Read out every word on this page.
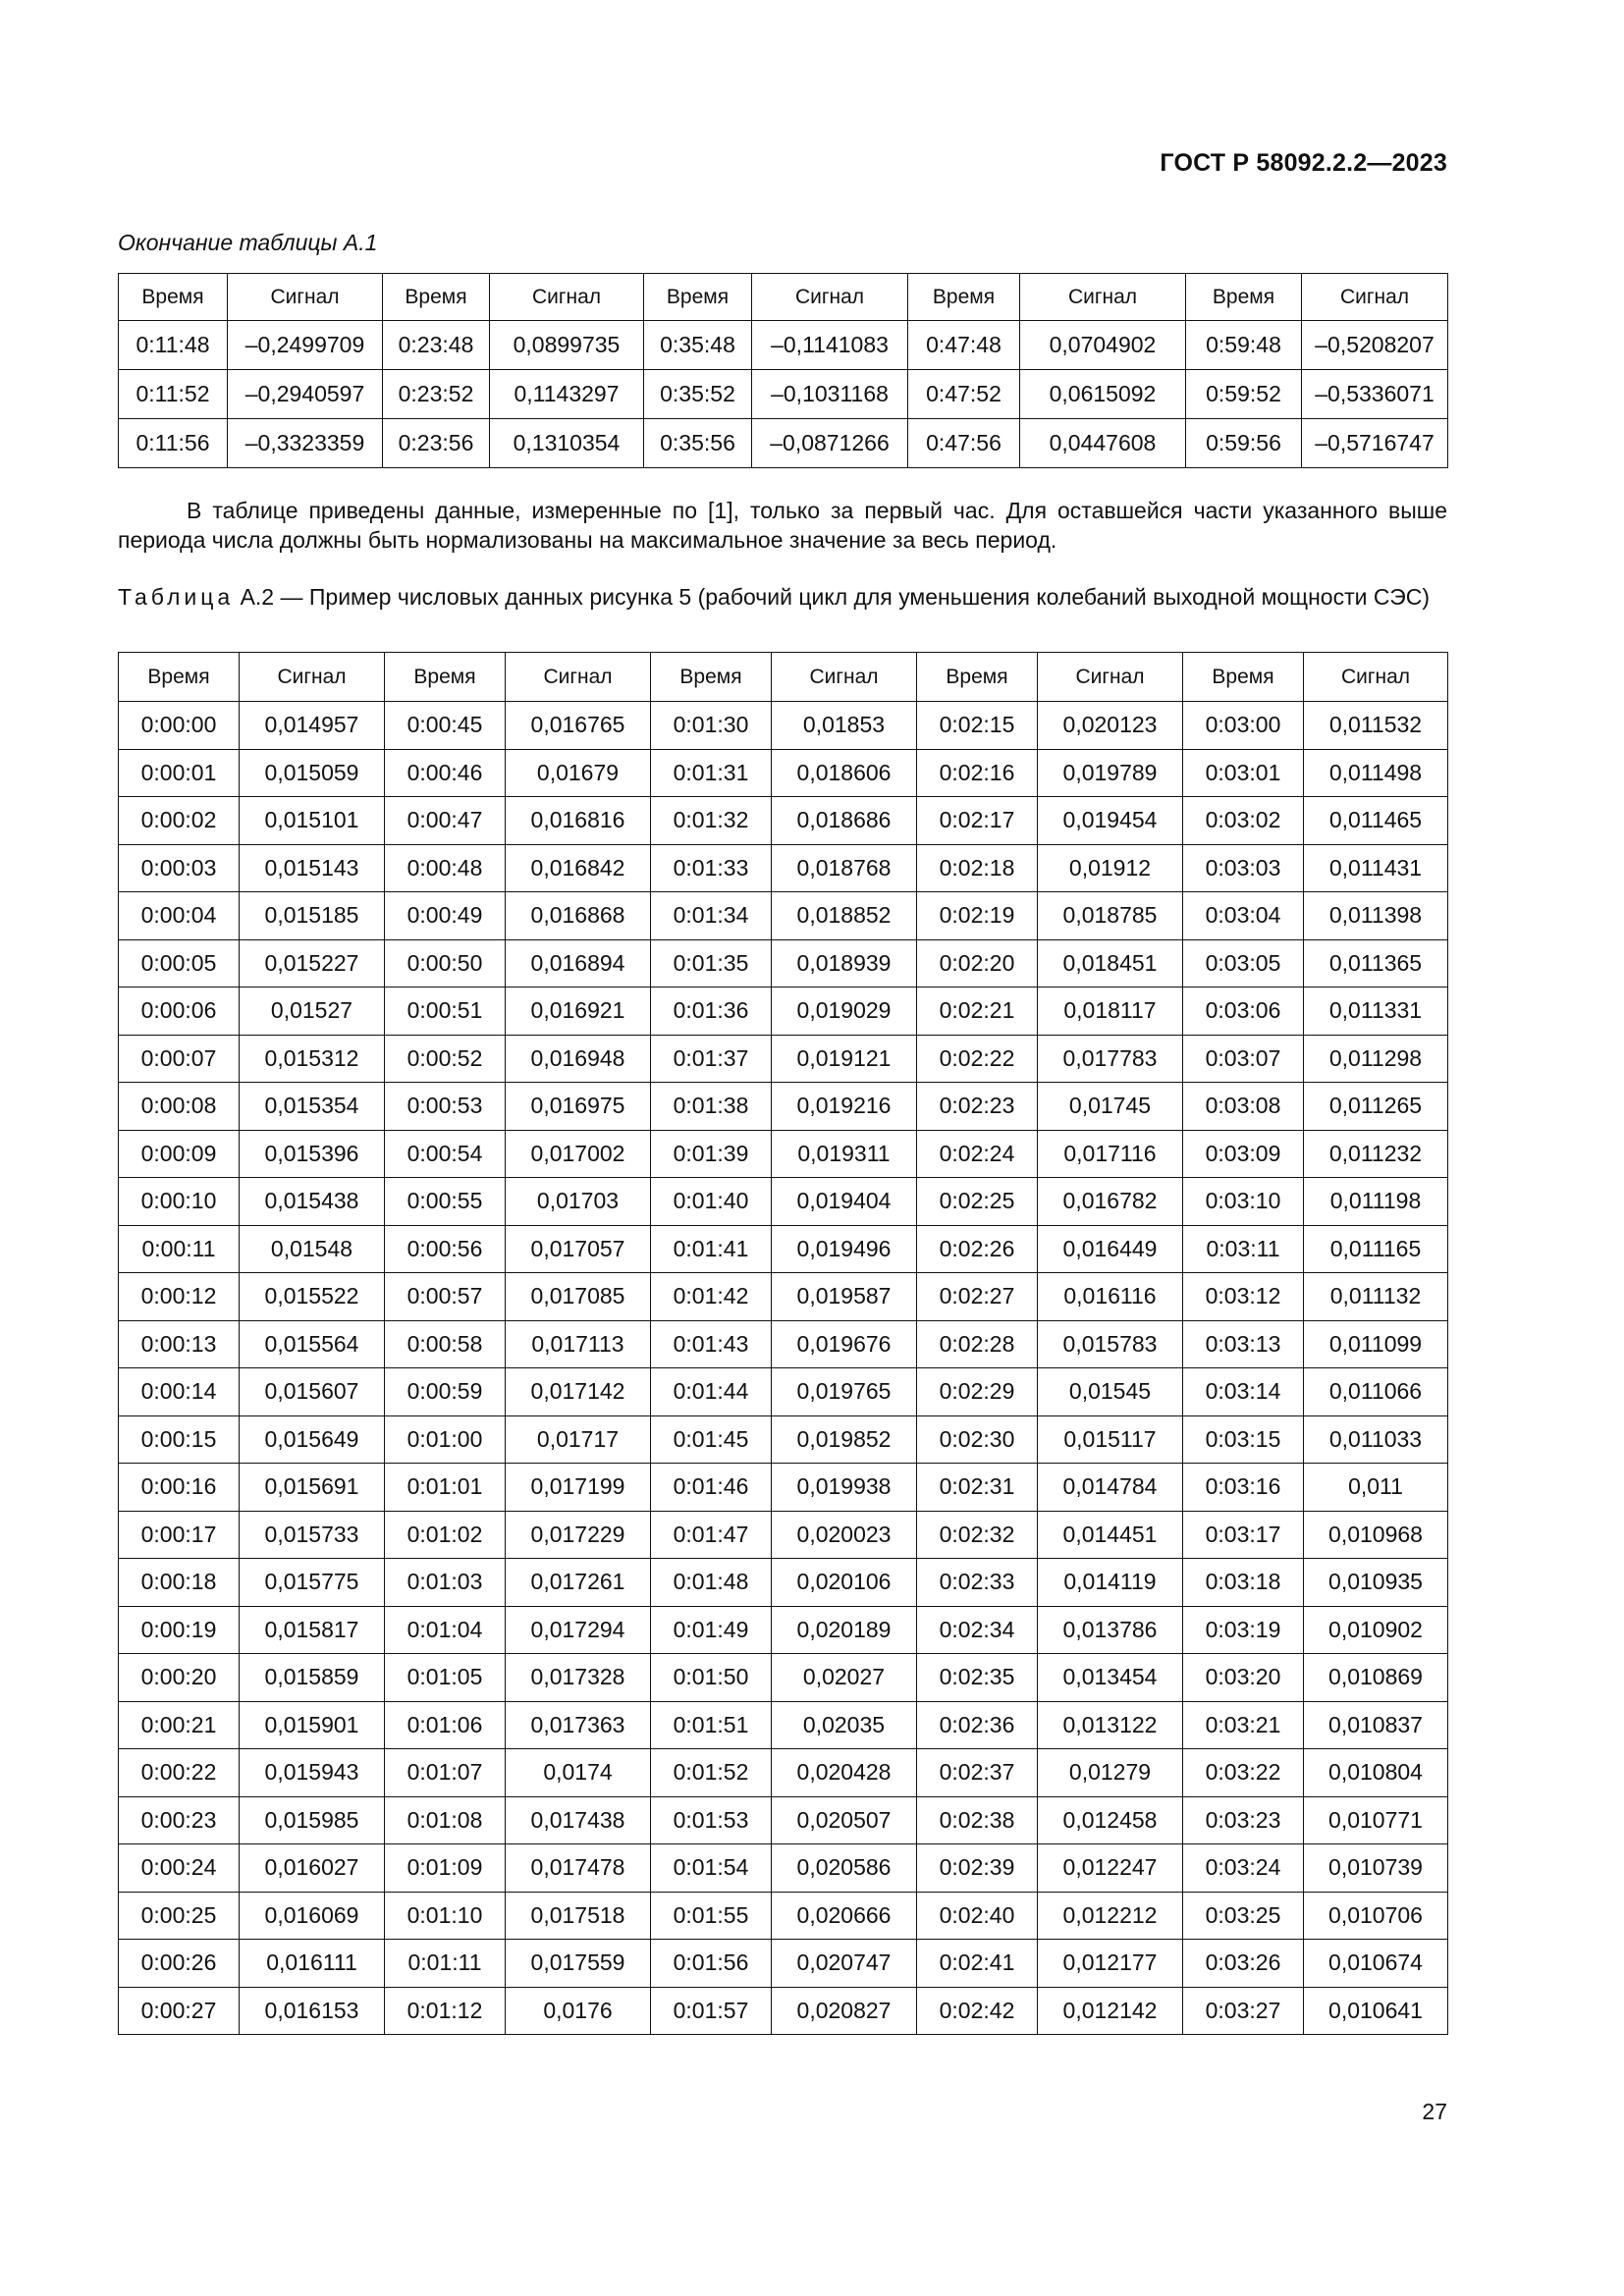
ГОСТ Р 58092.2.2—2023
Окончание таблицы А.1
Время	Сигнал	Время	Сигнал	Время	Сигнал	Время	Сигнал	Время	Сигнал
0:11:48	–0,2499709	0:23:48	0,0899735	0:35:48	–0,1141083	0:47:48	0,0704902	0:59:48	–0,5208207
0:11:52	–0,2940597	0:23:52	0,1143297	0:35:52	–0,1031168	0:47:52	0,0615092	0:59:52	–0,5336071
0:11:56	–0,3323359	0:23:56	0,1310354	0:35:56	–0,0871266	0:47:56	0,0447608	0:59:56	–0,5716747
В таблице приведены данные, измеренные по [1], только за первый час. Для оставшейся части указанного выше периода числа должны быть нормализованы на максимальное значение за весь период.
Таблица А.2 — Пример числовых данных рисунка 5 (рабочий цикл для уменьшения колебаний выходной мощности СЭС)
Время	Сигнал	Время	Сигнал	Время	Сигнал	Время	Сигнал	Время	Сигнал
0:00:00	0,014957	0:00:45	0,016765	0:01:30	0,01853	0:02:15	0,020123	0:03:00	0,011532
0:00:01	0,015059	0:00:46	0,01679	0:01:31	0,018606	0:02:16	0,019789	0:03:01	0,011498
0:00:02	0,015101	0:00:47	0,016816	0:01:32	0,018686	0:02:17	0,019454	0:03:02	0,011465
0:00:03	0,015143	0:00:48	0,016842	0:01:33	0,018768	0:02:18	0,01912	0:03:03	0,011431
0:00:04	0,015185	0:00:49	0,016868	0:01:34	0,018852	0:02:19	0,018785	0:03:04	0,011398
0:00:05	0,015227	0:00:50	0,016894	0:01:35	0,018939	0:02:20	0,018451	0:03:05	0,011365
0:00:06	0,01527	0:00:51	0,016921	0:01:36	0,019029	0:02:21	0,018117	0:03:06	0,011331
0:00:07	0,015312	0:00:52	0,016948	0:01:37	0,019121	0:02:22	0,017783	0:03:07	0,011298
0:00:08	0,015354	0:00:53	0,016975	0:01:38	0,019216	0:02:23	0,01745	0:03:08	0,011265
0:00:09	0,015396	0:00:54	0,017002	0:01:39	0,019311	0:02:24	0,017116	0:03:09	0,011232
0:00:10	0,015438	0:00:55	0,01703	0:01:40	0,019404	0:02:25	0,016782	0:03:10	0,011198
0:00:11	0,01548	0:00:56	0,017057	0:01:41	0,019496	0:02:26	0,016449	0:03:11	0,011165
0:00:12	0,015522	0:00:57	0,017085	0:01:42	0,019587	0:02:27	0,016116	0:03:12	0,011132
0:00:13	0,015564	0:00:58	0,017113	0:01:43	0,019676	0:02:28	0,015783	0:03:13	0,011099
0:00:14	0,015607	0:00:59	0,017142	0:01:44	0,019765	0:02:29	0,01545	0:03:14	0,011066
0:00:15	0,015649	0:01:00	0,01717	0:01:45	0,019852	0:02:30	0,015117	0:03:15	0,011033
0:00:16	0,015691	0:01:01	0,017199	0:01:46	0,019938	0:02:31	0,014784	0:03:16	0,011
0:00:17	0,015733	0:01:02	0,017229	0:01:47	0,020023	0:02:32	0,014451	0:03:17	0,010968
0:00:18	0,015775	0:01:03	0,017261	0:01:48	0,020106	0:02:33	0,014119	0:03:18	0,010935
0:00:19	0,015817	0:01:04	0,017294	0:01:49	0,020189	0:02:34	0,013786	0:03:19	0,010902
0:00:20	0,015859	0:01:05	0,017328	0:01:50	0,02027	0:02:35	0,013454	0:03:20	0,010869
0:00:21	0,015901	0:01:06	0,017363	0:01:51	0,02035	0:02:36	0,013122	0:03:21	0,010837
0:00:22	0,015943	0:01:07	0,0174	0:01:52	0,020428	0:02:37	0,01279	0:03:22	0,010804
0:00:23	0,015985	0:01:08	0,017438	0:01:53	0,020507	0:02:38	0,012458	0:03:23	0,010771
0:00:24	0,016027	0:01:09	0,017478	0:01:54	0,020586	0:02:39	0,012247	0:03:24	0,010739
0:00:25	0,016069	0:01:10	0,017518	0:01:55	0,020666	0:02:40	0,012212	0:03:25	0,010706
0:00:26	0,016111	0:01:11	0,017559	0:01:56	0,020747	0:02:41	0,012177	0:03:26	0,010674
0:00:27	0,016153	0:01:12	0,0176	0:01:57	0,020827	0:02:42	0,012142	0:03:27	0,010641
27
